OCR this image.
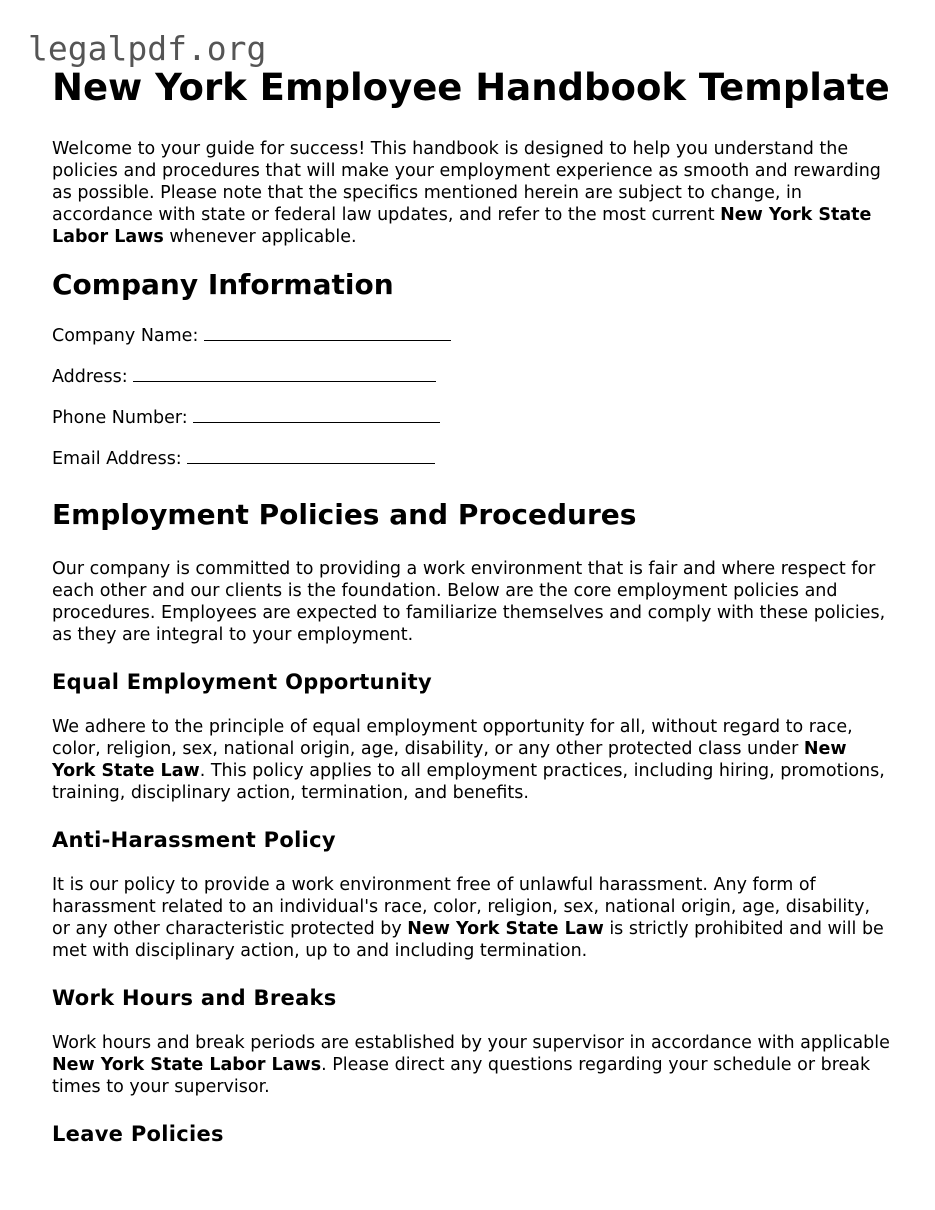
legalpdf.org
New York Employee Handbook Template

Welcome to your guide for success! This handbook is designed to help you understand the policies and procedures that will make your employment experience as smooth and rewarding as possible. Please note that the specifics mentioned herein are subject to change, in accordance with state or federal law updates, and refer to the most current New York State Labor Laws whenever applicable.

Company Information

Company Name:

Address:

Phone Number:

Email Address:

Employment Policies and Procedures

Our company is committed to providing a work environment that is fair and where respect for each other and our clients is the foundation. Below are the core employment policies and procedures. Employees are expected to familiarize themselves and comply with these policies, as they are integral to your employment.

Equal Employment Opportunity

We adhere to the principle of equal employment opportunity for all, without regard to race, color, religion, sex, national origin, age, disability, or any other protected class under New York State Law. This policy applies to all employment practices, including hiring, promotions, training, disciplinary action, termination, and benefits.

Anti-Harassment Policy

It is our policy to provide a work environment free of unlawful harassment. Any form of harassment related to an individual's race, color, religion, sex, national origin, age, disability, or any other characteristic protected by New York State Law is strictly prohibited and will be met with disciplinary action, up to and including termination.

Work Hours and Breaks

Work hours and break periods are established by your supervisor in accordance with applicable New York State Labor Laws. Please direct any questions regarding your schedule or break times to your supervisor.

Leave Policies
